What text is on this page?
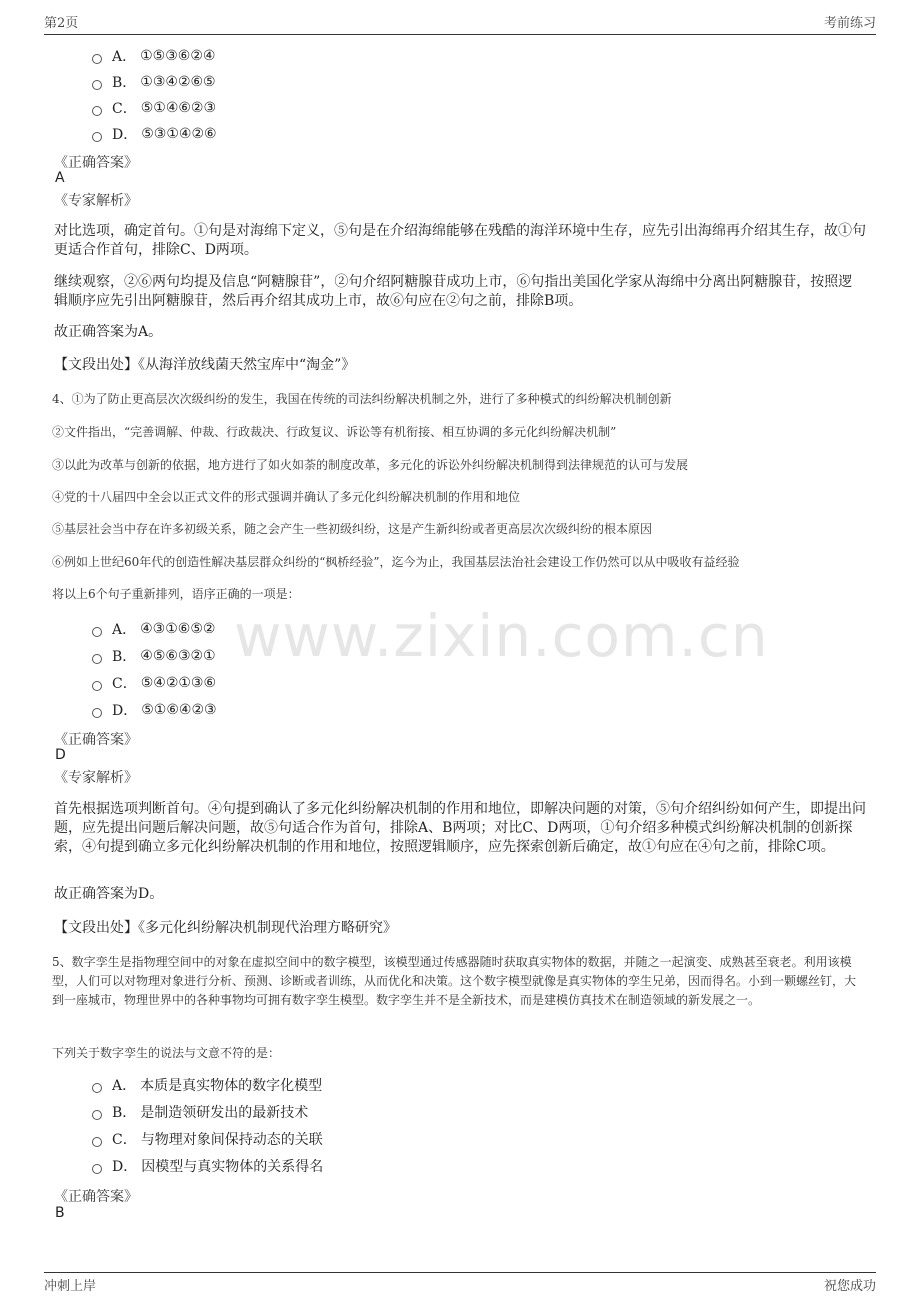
第2页	考前练习
www.zixin.com.cn
A． ①⑤③⑥②④
B． ①③④②⑥⑤
C． ⑤①④⑥②③
D． ⑤③①④②⑥
《正确答案》
A
《专家解析》
对比选项，确定首句。①句是对海绵下定义，⑤句是在介绍海绵能够在残酷的海洋环境中生存，应先引出海绵再介绍其生存，故①句更适合作首句，排除C、D两项。
继续观察，②⑥两句均提及信息“阿糖腺苷”，②句介绍阿糖腺苷成功上市，⑥句指出美国化学家从海绵中分离出阿糖腺苷，按照逻辑顺序应先引出阿糖腺苷，然后再介绍其成功上市，故⑥句应在②句之前，排除B项。
故正确答案为A。
【文段出处】《从海洋放线菌天然宝库中“淘金”》
4、①为了防止更高层次次级纠纷的发生，我国在传统的司法纠纷解决机制之外，进行了多种模式的纠纷解决机制创新
②文件指出，“完善调解、仲裁、行政裁决、行政复议、诉讼等有机衔接、相互协调的多元化纠纷解决机制”
③以此为改革与创新的依据，地方进行了如火如荼的制度改革，多元化的诉讼外纠纷解决机制得到法律规范的认可与发展
④党的十八届四中全会以正式文件的形式强调并确认了多元化纠纷解决机制的作用和地位
⑤基层社会当中存在许多初级关系，随之会产生一些初级纠纷，这是产生新纠纷或者更高层次次级纠纷的根本原因
⑥例如上世纪60年代的创造性解决基层群众纠纷的“枫桥经验”，迄今为止，我国基层法治社会建设工作仍然可以从中吸收有益经验
将以上6个句子重新排列，语序正确的一项是：
A． ④③①⑥⑤②
B． ④⑤⑥③②①
C． ⑤④②①③⑥
D． ⑤①⑥④②③
《正确答案》
D
《专家解析》
首先根据选项判断首句。④句提到确认了多元化纠纷解决机制的作用和地位，即解决问题的对策，⑤句介绍纠纷如何产生，即提出问题，应先提出问题后解决问题，故⑤句适合作为首句，排除A、B两项；对比C、D两项，①句介绍多种模式纠纷解决机制的创新探索，④句提到确立多元化纠纷解决机制的作用和地位，按照逻辑顺序，应先探索创新后确定，故①句应在④句之前，排除C项。
故正确答案为D。
【文段出处】《多元化纠纷解决机制现代治理方略研究》
5、数字孪生是指物理空间中的对象在虚拟空间中的数字模型，该模型通过传感器随时获取真实物体的数据，并随之一起演变、成熟甚至衰老。利用该模型，人们可以对物理对象进行分析、预测、诊断或者训练，从而优化和决策。这个数字模型就像是真实物体的孪生兄弟，因而得名。小到一颗螺丝钉，大到一座城市，物理世界中的各种事物均可拥有数字孪生模型。数字孪生并不是全新技术，而是建模仿真技术在制造领域的新发展之一。
下列关于数字孪生的说法与文意不符的是：
A． 本质是真实物体的数字化模型
B． 是制造领研发出的最新技术
C． 与物理对象间保持动态的关联
D． 因模型与真实物体的关系得名
《正确答案》
B
冲刺上岸	祝您成功
